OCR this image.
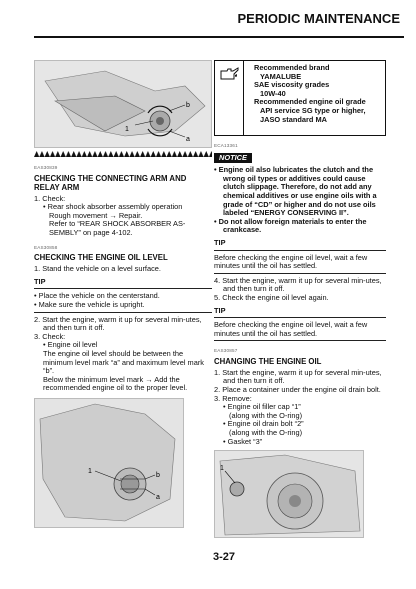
PERIODIC MAINTENANCE
b
1
a
EAS30839
CHECKING THE CONNECTING ARM AND RELAY ARM
1. Check:
• Rear shock absorber assembly operation
Rough movement → Repair.
Refer to “REAR SHOCK ABSORBER AS-SEMBLY” on page 4-102.
EAS30858
CHECKING THE ENGINE OIL LEVEL
1. Stand the vehicle on a level surface.
TIP
• Place the vehicle on the centerstand.
• Make sure the vehicle is upright.
2. Start the engine, warm it up for several min-utes, and then turn it off.
3. Check:
• Engine oil level
The engine oil level should be between the minimum level mark “a” and maximum level mark “b”.
Below the minimum level mark → Add the recommended engine oil to the proper level.
1
b
a
Recommended brand
YAMALUBE
SAE viscosity grades
10W-40
Recommended engine oil grade
API service SG type or higher,
JASO standard MA
ECA13361
NOTICE
• Engine oil also lubricates the clutch and the wrong oil types or additives could cause clutch slippage. Therefore, do not add any chemical additives or use engine oils with a grade of “CD” or higher and do not use oils labeled “ENERGY CONSERVING II”.
• Do not allow foreign materials to enter the crankcase.
TIP
Before checking the engine oil level, wait a few minutes until the oil has settled.
4. Start the engine, warm it up for several min-utes, and then turn it off.
5. Check the engine oil level again.
TIP
Before checking the engine oil level, wait a few minutes until the oil has settled.
EAS30857
CHANGING THE ENGINE OIL
1. Start the engine, warm it up for several min-utes, and then turn it off.
2. Place a container under the engine oil drain bolt.
3. Remove:
• Engine oil filler cap “1”
(along with the O-ring)
• Engine oil drain bolt “2”
(along with the O-ring)
• Gasket “3”
1
3-27
